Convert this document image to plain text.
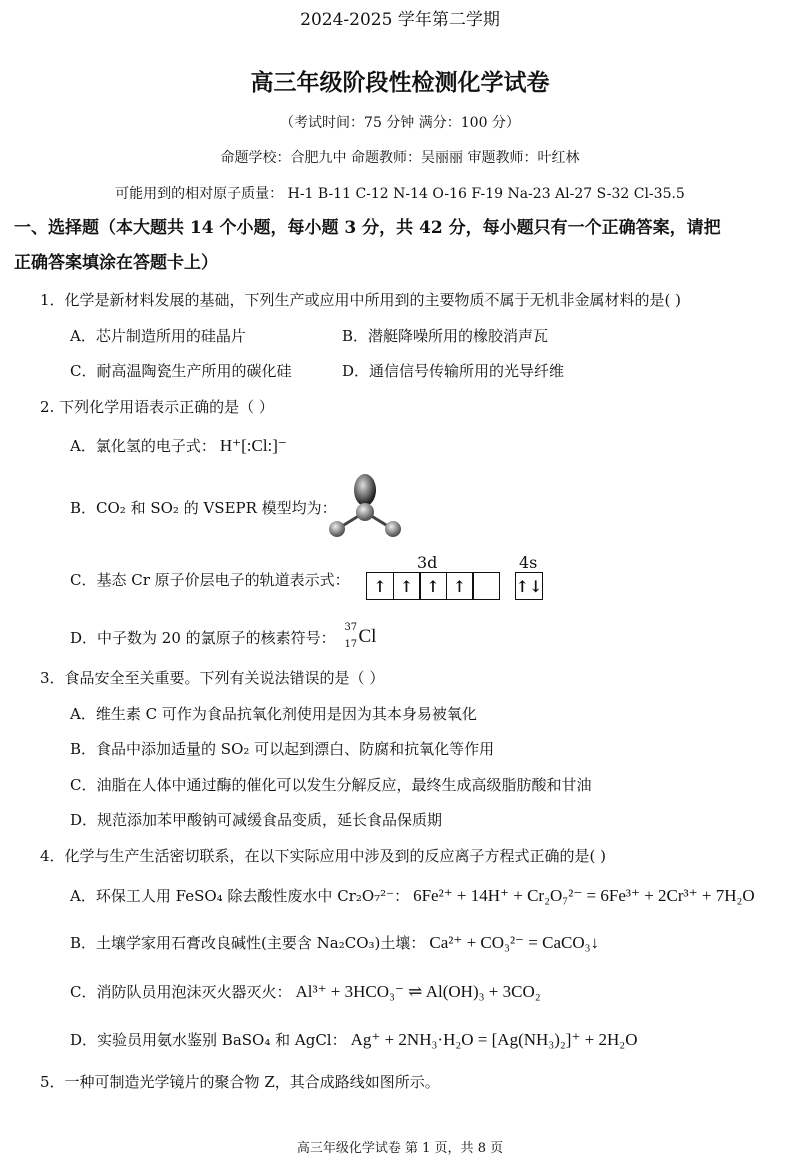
2024-2025 学年第二学期
高三年级阶段性检测化学试卷
（考试时间：75 分钟 满分：100 分）
命题学校：合肥九中 命题教师：吴丽丽 审题教师：叶红林
可能用到的相对原子质量： H-1 B-11 C-12 N-14 O-16 F-19 Na-23 Al-27 S-32 Cl-35.5
一、选择题（本大题共 14 个小题，每小题 3 分，共 42 分，每小题只有一个正确答案，请把
正确答案填涂在答题卡上）
1．化学是新材料发展的基础，下列生产或应用中所用到的主要物质不属于无机非金属材料的是( )
A．芯片制造所用的硅晶片	B．潜艇降噪所用的橡胶消声瓦
C．耐高温陶瓷生产所用的碳化硅	D．通信信号传输所用的光导纤维
2. 下列化学用语表示正确的是（ ）
A．氯化氢的电子式： H⁺[:Cl:]⁻
B．CO₂ 和 SO₂ 的 VSEPR 模型均为：
3d	4s
C．基态 Cr 原子价层电子的轨道表示式：	↑ ↑ ↑ ↑	↑↓
D．中子数为 20 的氯原子的核素符号：
37
17 Cl
3．食品安全至关重要。下列有关说法错误的是（ ）
A．维生素 C 可作为食品抗氧化剂使用是因为其本身易被氧化
B．食品中添加适量的 SO₂ 可以起到漂白、防腐和抗氧化等作用
C．油脂在人体中通过酶的催化可以发生分解反应，最终生成高级脂肪酸和甘油
D．规范添加苯甲酸钠可减缓食品变质，延长食品保质期
4．化学与生产生活密切联系，在以下实际应用中涉及到的反应离子方程式正确的是( )
A．环保工人用 FeSO₄ 除去酸性废水中 Cr₂O₇²⁻： 6Fe²⁺ + 14H⁺ + Cr₂O₇²⁻ = 6Fe³⁺ + 2Cr³⁺ + 7H₂O
B．土壤学家用石膏改良碱性(主要含 Na₂CO₃)土壤： Ca²⁺ + CO₃²⁻ = CaCO₃↓
C．消防队员用泡沫灭火器灭火： Al³⁺ + 3HCO₃⁻ ⇌ Al(OH)₃ + 3CO₂
D．实验员用氨水鉴别 BaSO₄ 和 AgCl： Ag⁺ + 2NH₃·H₂O = [Ag(NH₃)₂]⁺ + 2H₂O
5．一种可制造光学镜片的聚合物 Z，其合成路线如图所示。
高三年级化学试卷 第 1 页，共 8 页
